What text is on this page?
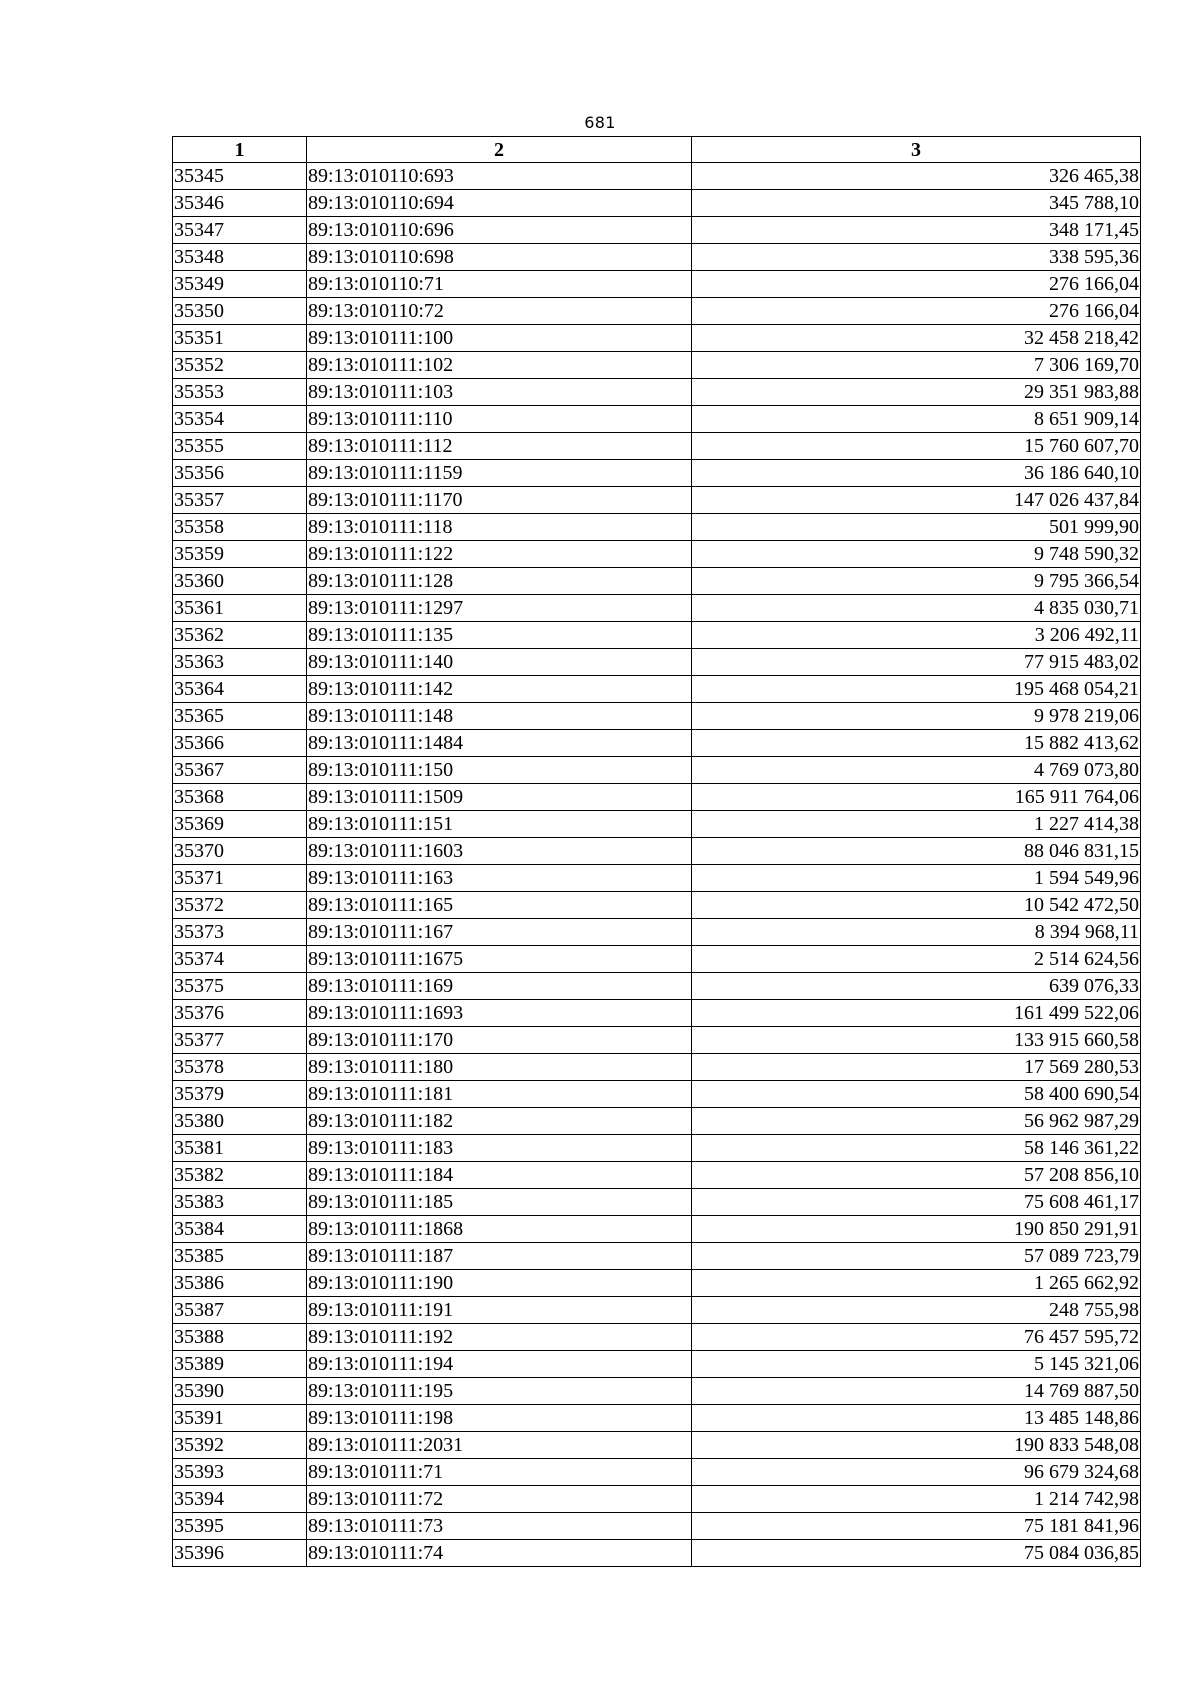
681
1	2	3
35345	89:13:010110:693	326 465,38
35346	89:13:010110:694	345 788,10
35347	89:13:010110:696	348 171,45
35348	89:13:010110:698	338 595,36
35349	89:13:010110:71	276 166,04
35350	89:13:010110:72	276 166,04
35351	89:13:010111:100	32 458 218,42
35352	89:13:010111:102	7 306 169,70
35353	89:13:010111:103	29 351 983,88
35354	89:13:010111:110	8 651 909,14
35355	89:13:010111:112	15 760 607,70
35356	89:13:010111:1159	36 186 640,10
35357	89:13:010111:1170	147 026 437,84
35358	89:13:010111:118	501 999,90
35359	89:13:010111:122	9 748 590,32
35360	89:13:010111:128	9 795 366,54
35361	89:13:010111:1297	4 835 030,71
35362	89:13:010111:135	3 206 492,11
35363	89:13:010111:140	77 915 483,02
35364	89:13:010111:142	195 468 054,21
35365	89:13:010111:148	9 978 219,06
35366	89:13:010111:1484	15 882 413,62
35367	89:13:010111:150	4 769 073,80
35368	89:13:010111:1509	165 911 764,06
35369	89:13:010111:151	1 227 414,38
35370	89:13:010111:1603	88 046 831,15
35371	89:13:010111:163	1 594 549,96
35372	89:13:010111:165	10 542 472,50
35373	89:13:010111:167	8 394 968,11
35374	89:13:010111:1675	2 514 624,56
35375	89:13:010111:169	639 076,33
35376	89:13:010111:1693	161 499 522,06
35377	89:13:010111:170	133 915 660,58
35378	89:13:010111:180	17 569 280,53
35379	89:13:010111:181	58 400 690,54
35380	89:13:010111:182	56 962 987,29
35381	89:13:010111:183	58 146 361,22
35382	89:13:010111:184	57 208 856,10
35383	89:13:010111:185	75 608 461,17
35384	89:13:010111:1868	190 850 291,91
35385	89:13:010111:187	57 089 723,79
35386	89:13:010111:190	1 265 662,92
35387	89:13:010111:191	248 755,98
35388	89:13:010111:192	76 457 595,72
35389	89:13:010111:194	5 145 321,06
35390	89:13:010111:195	14 769 887,50
35391	89:13:010111:198	13 485 148,86
35392	89:13:010111:2031	190 833 548,08
35393	89:13:010111:71	96 679 324,68
35394	89:13:010111:72	1 214 742,98
35395	89:13:010111:73	75 181 841,96
35396	89:13:010111:74	75 084 036,85
